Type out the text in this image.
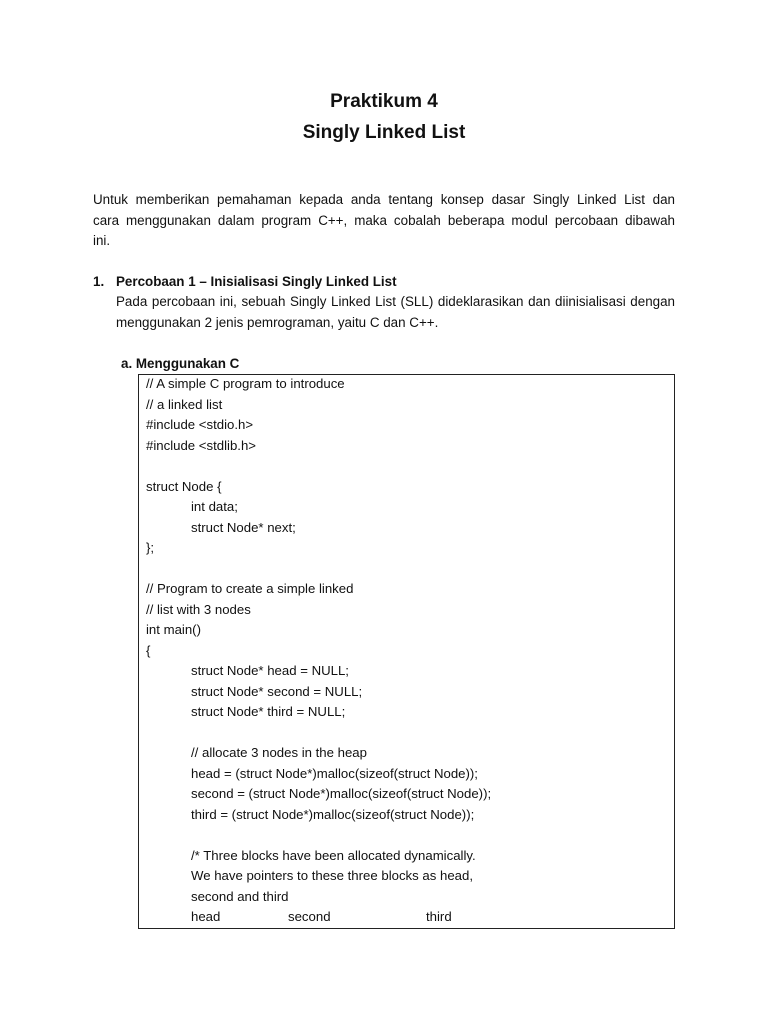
Praktikum 4
Singly Linked List
Untuk memberikan pemahaman kepada anda tentang konsep dasar Singly Linked List dan
cara menggunakan dalam program C++, maka cobalah beberapa modul percobaan dibawah
ini.
1. Percobaan 1 – Inisialisasi Singly Linked List
Pada percobaan ini, sebuah Singly Linked List (SLL) dideklarasikan dan diinisialisasi dengan
menggunakan 2 jenis pemrograman, yaitu C dan C++.
a. Menggunakan C
// A simple C program to introduce
// a linked list
#include <stdio.h>
#include <stdlib.h>
struct Node {
int data;
struct Node* next;
};
// Program to create a simple linked
// list with 3 nodes
int main()
{
struct Node* head = NULL;
struct Node* second = NULL;
struct Node* third = NULL;
// allocate 3 nodes in the heap
head = (struct Node*)malloc(sizeof(struct Node));
second = (struct Node*)malloc(sizeof(struct Node));
third = (struct Node*)malloc(sizeof(struct Node));
/* Three blocks have been allocated dynamically.
We have pointers to these three blocks as head,
second and third
head	second	third
